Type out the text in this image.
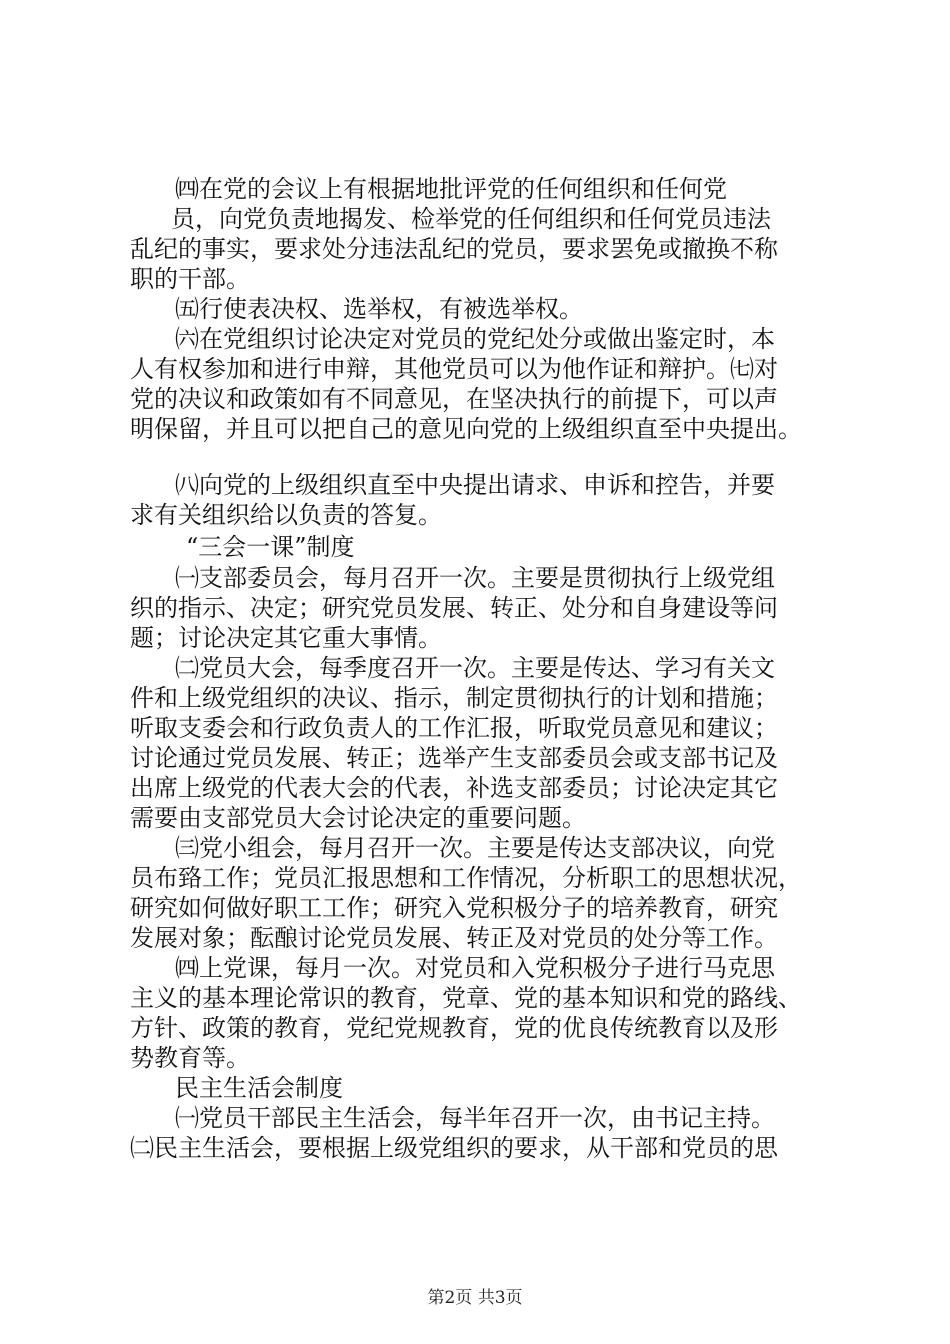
㈣在党的会议上有根据地批评党的任何组织和任何党
员，向党负责地揭发、检举党的任何组织和任何党员违法
乱纪的事实，要求处分违法乱纪的党员，要求罢免或撤换不称
职的干部。
㈤行使表决权、选举权，有被选举权。
㈥在党组织讨论决定对党员的党纪处分或做出鉴定时，本
人有权参加和进行申辩，其他党员可以为他作证和辩护。㈦对
党的决议和政策如有不同意见，在坚决执行的前提下，可以声
明保留，并且可以把自己的意见向党的上级组织直至中央提出。
㈧向党的上级组织直至中央提出请求、申诉和控告，并要
求有关组织给以负责的答复。
“三会一课”制度
㈠支部委员会，每月召开一次。主要是贯彻执行上级党组
织的指示、决定；研究党员发展、转正、处分和自身建设等问
题；讨论决定其它重大事情。
㈡党员大会，每季度召开一次。主要是传达、学习有关文
件和上级党组织的决议、指示，制定贯彻执行的计划和措施；
听取支委会和行政负责人的工作汇报，听取党员意见和建议；
讨论通过党员发展、转正；选举产生支部委员会或支部书记及
出席上级党的代表大会的代表，补选支部委员；讨论决定其它
需要由支部党员大会讨论决定的重要问题。
㈢党小组会，每月召开一次。主要是传达支部决议，向党
员布臵工作；党员汇报思想和工作情况，分析职工的思想状况，
研究如何做好职工工作；研究入党积极分子的培养教育，研究
发展对象；酝酿讨论党员发展、转正及对党员的处分等工作。
㈣上党课，每月一次。对党员和入党积极分子进行马克思
主义的基本理论常识的教育，党章、党的基本知识和党的路线、
方针、政策的教育，党纪党规教育，党的优良传统教育以及形
势教育等。
民主生活会制度
㈠党员干部民主生活会，每半年召开一次，由书记主持。
㈡民主生活会，要根据上级党组织的要求，从干部和党员的思
第2页 共3页
